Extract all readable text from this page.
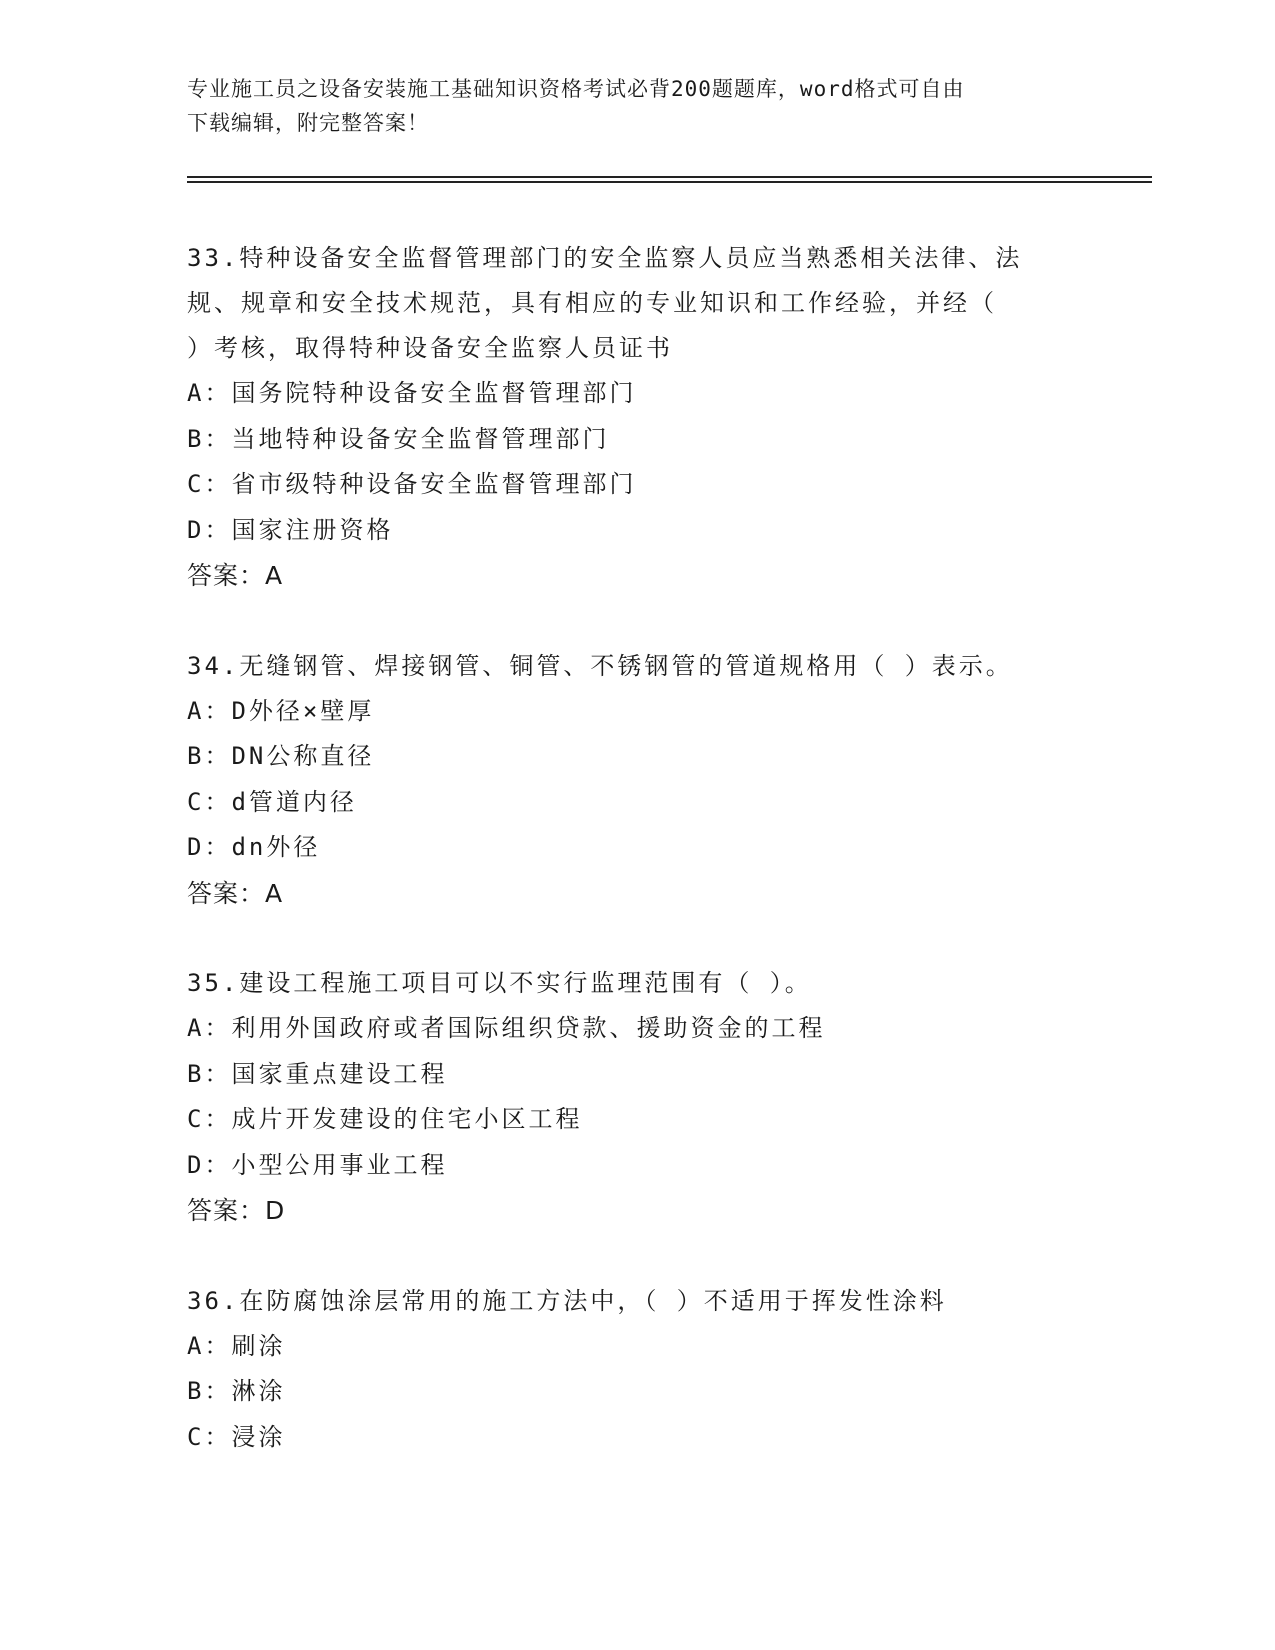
专业施工员之设备安装施工基础知识资格考试必背200题题库，word格式可自由
下载编辑，附完整答案！
33.特种设备安全监督管理部门的安全监察人员应当熟悉相关法律、法
规、规章和安全技术规范，具有相应的专业知识和工作经验，并经（
）考核，取得特种设备安全监察人员证书
A：国务院特种设备安全监督管理部门
B：当地特种设备安全监督管理部门
C：省市级特种设备安全监督管理部门
D：国家注册资格
答案：A
34.无缝钢管、焊接钢管、铜管、不锈钢管的管道规格用（ ）表示。
A：D外径×壁厚
B：DN公称直径
C：d管道内径
D：dn外径
答案：A
35.建设工程施工项目可以不实行监理范围有（ ）。
A：利用外国政府或者国际组织贷款、援助资金的工程
B：国家重点建设工程
C：成片开发建设的住宅小区工程
D：小型公用事业工程
答案：D
36.在防腐蚀涂层常用的施工方法中，（ ）不适用于挥发性涂料
A：刷涂
B：淋涂
C：浸涂
